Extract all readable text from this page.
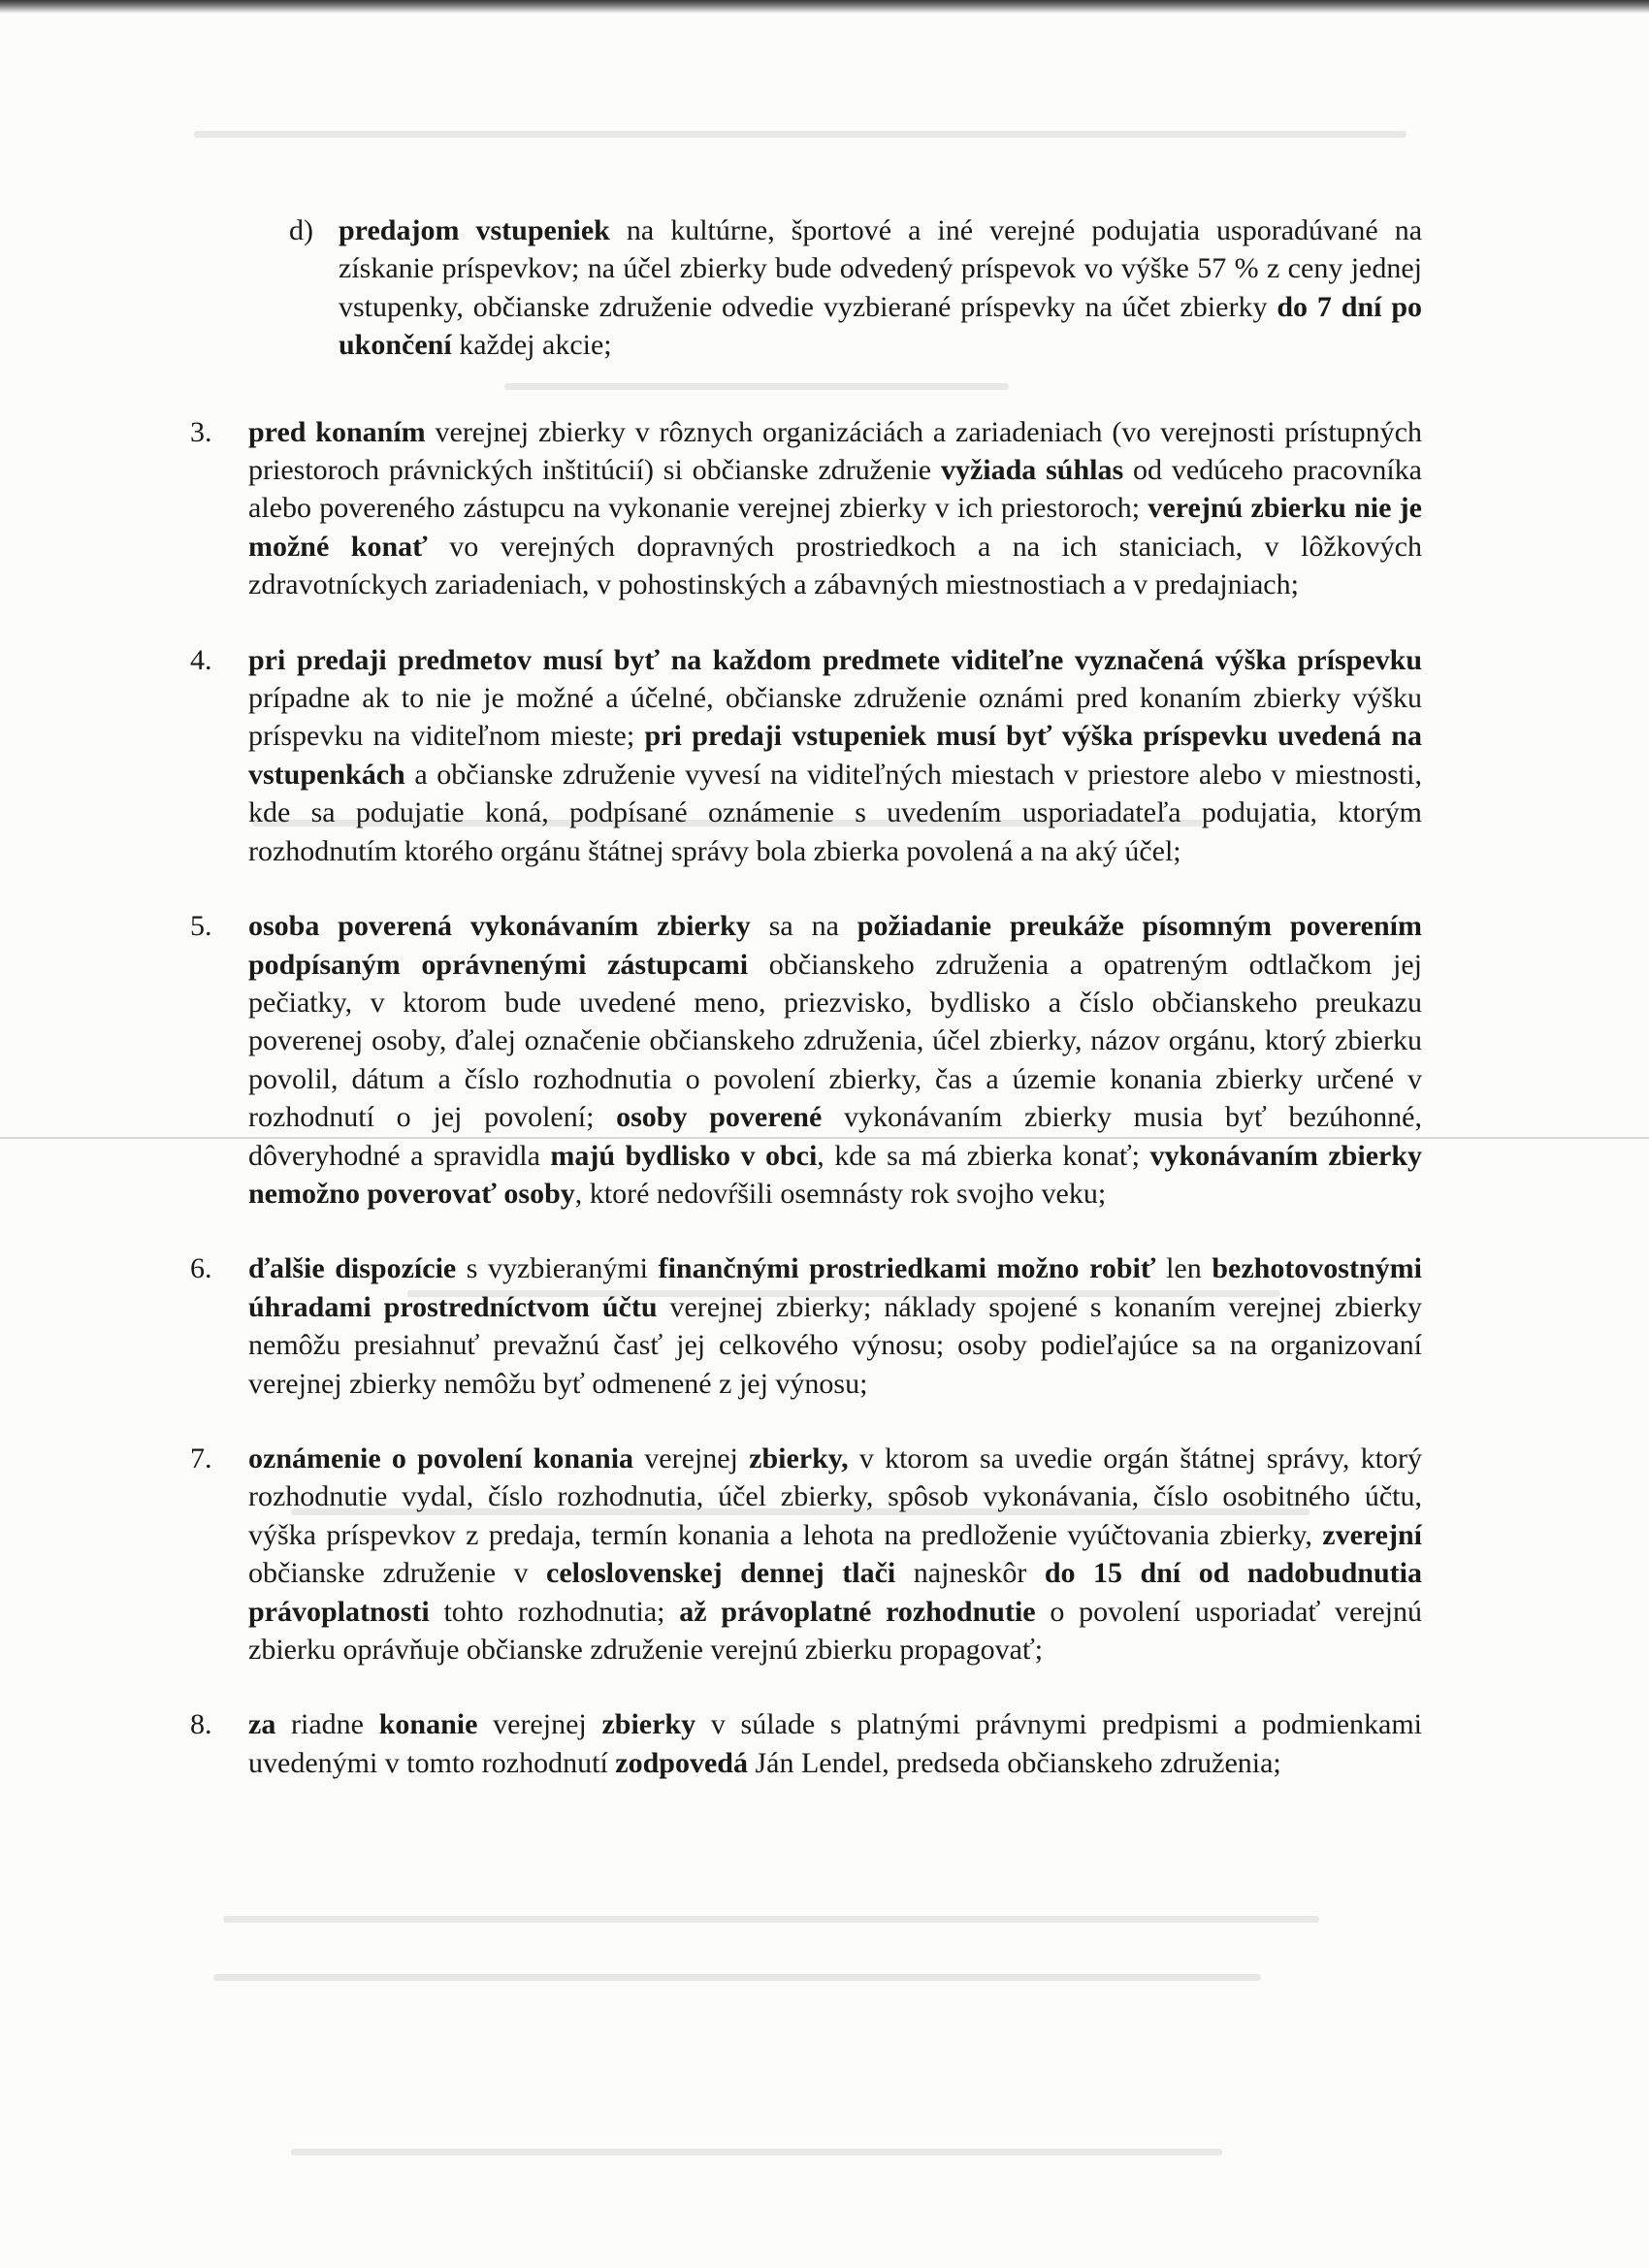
d) predajom vstupeniek na kultúrne, športové a iné verejné podujatia usporadúvané na získanie príspevkov; na účel zbierky bude odvedený príspevok vo výške 57 % z ceny jednej vstupenky, občianske združenie odvedie vyzbierané príspevky na účet zbierky do 7 dní po ukončení každej akcie;
3. pred konaním verejnej zbierky v rôznych organizáciách a zariadeniach (vo verejnosti prístupných priestoroch právnických inštitúcií) si občianske združenie vyžiada súhlas od vedúceho pracovníka alebo povereného zástupcu na vykonanie verejnej zbierky v ich priestoroch; verejnú zbierku nie je možné konať vo verejných dopravných prostriedkoch a na ich staniciach, v lôžkových zdravotníckych zariadeniach, v pohostinských a zábavných miestnostiach a v predajniach;
4. pri predaji predmetov musí byť na každom predmete viditeľne vyznačená výška príspevku prípadne ak to nie je možné a účelné, občianske združenie oznámi pred konaním zbierky výšku príspevku na viditeľnom mieste; pri predaji vstupeniek musí byť výška príspevku uvedená na vstupenkách a občianske združenie vyvesí na viditeľných miestach v priestore alebo v miestnosti, kde sa podujatie koná, podpísané oznámenie s uvedením usporiadateľa podujatia, ktorým rozhodnutím ktorého orgánu štátnej správy bola zbierka povolená a na aký účel;
5. osoba poverená vykonávaním zbierky sa na požiadanie preukáže písomným poverením podpísaným oprávnenými zástupcami občianskeho združenia a opatreným odtlačkom jej pečiatky, v ktorom bude uvedené meno, priezvisko, bydlisko a číslo občianskeho preukazu poverenej osoby, ďalej označenie občianskeho združenia, účel zbierky, názov orgánu, ktorý zbierku povolil, dátum a číslo rozhodnutia o povolení zbierky, čas a územie konania zbierky určené v rozhodnutí o jej povolení; osoby poverené vykonávaním zbierky musia byť bezúhonné, dôveryhodné a spravidla majú bydlisko v obci, kde sa má zbierka konať; vykonávaním zbierky nemožno poverovať osoby, ktoré nedovŕšili osemnásty rok svojho veku;
6. ďalšie dispozície s vyzbieranými finančnými prostriedkami možno robiť len bezhotovostnými úhradami prostredníctvom účtu verejnej zbierky; náklady spojené s konaním verejnej zbierky nemôžu presiahnuť prevažnú časť jej celkového výnosu; osoby podieľajúce sa na organizovaní verejnej zbierky nemôžu byť odmenené z jej výnosu;
7. oznámenie o povolení konania verejnej zbierky, v ktorom sa uvedie orgán štátnej správy, ktorý rozhodnutie vydal, číslo rozhodnutia, účel zbierky, spôsob vykonávania, číslo osobitného účtu, výška príspevkov z predaja, termín konania a lehota na predloženie vyúčtovania zbierky, zverejní občianske združenie v celoslovenskej dennej tlači najneskôr do 15 dní od nadobudnutia právoplatnosti tohto rozhodnutia; až právoplatné rozhodnutie o povolení usporiadať verejnú zbierku oprávňuje občianske združenie verejnú zbierku propagovať;
8. za riadne konanie verejnej zbierky v súlade s platnými právnymi predpismi a podmienkami uvedenými v tomto rozhodnutí zodpovedá Ján Lendel, predseda občianskeho združenia;
